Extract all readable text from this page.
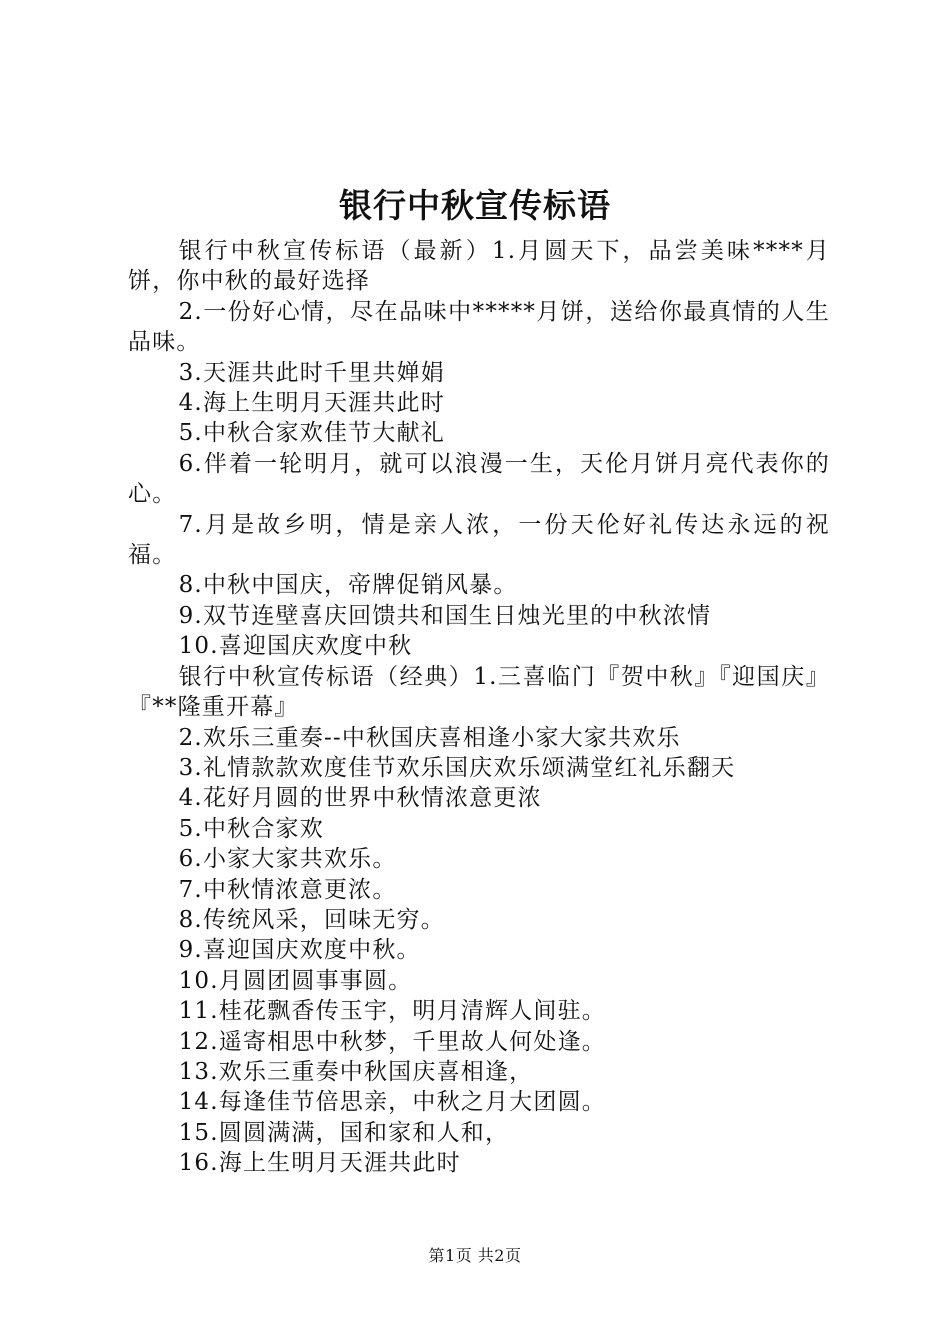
银行中秋宣传标语

银行中秋宣传标语（最新）1.月圆天下，品尝美味****月饼，你中秋的最好选择

2.一份好心情，尽在品味中*****月饼，送给你最真情的人生品味。

3.天涯共此时千里共婵娟

4.海上生明月天涯共此时

5.中秋合家欢佳节大献礼

6.伴着一轮明月，就可以浪漫一生，天伦月饼月亮代表你的心。

7.月是故乡明，情是亲人浓，一份天伦好礼传达永远的祝福。

8.中秋中国庆，帝牌促销风暴。

9.双节连壁喜庆回馈共和国生日烛光里的中秋浓情

10.喜迎国庆欢度中秋

银行中秋宣传标语（经典）1.三喜临门『贺中秋』『迎国庆』『**隆重开幕』

2.欢乐三重奏--中秋国庆喜相逢小家大家共欢乐

3.礼情款款欢度佳节欢乐国庆欢乐颂满堂红礼乐翻天

4.花好月圆的世界中秋情浓意更浓

5.中秋合家欢

6.小家大家共欢乐。

7.中秋情浓意更浓。

8.传统风采，回味无穷。

9.喜迎国庆欢度中秋。

10.月圆团圆事事圆。

11.桂花飘香传玉宇，明月清辉人间驻。

12.遥寄相思中秋梦，千里故人何处逢。

13.欢乐三重奏中秋国庆喜相逢，

14.每逢佳节倍思亲，中秋之月大团圆。

15.圆圆满满，国和家和人和，

16.海上生明月天涯共此时

第1页 共2页
